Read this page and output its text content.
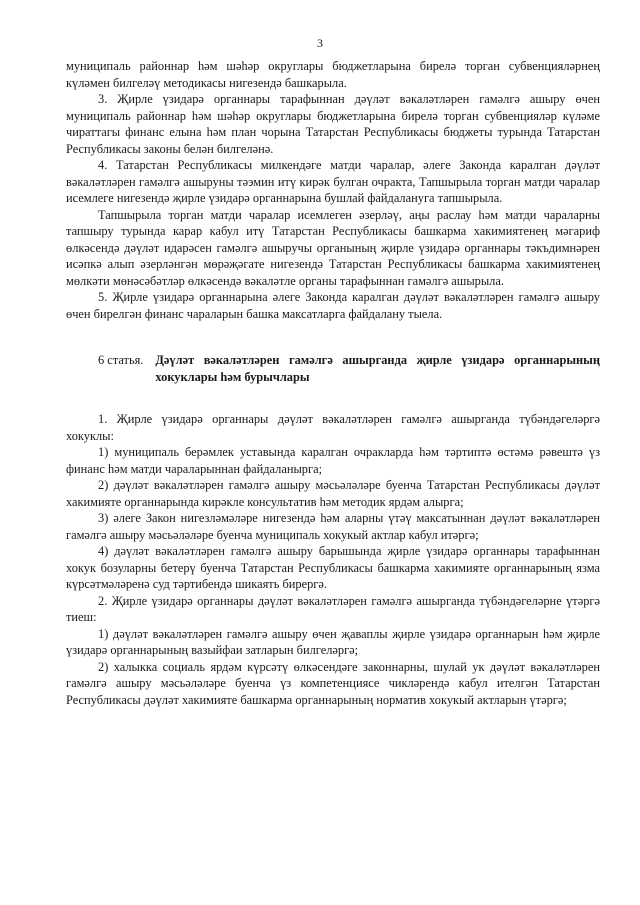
3

муниципаль районнар һәм шәһәр округлары бюджетларына бирелә торган субвенцияләрнең күләмен билгеләү методикасы нигезендә башкарыла.

3. Җирле үзидарә органнары тарафыннан дәүләт вәкаләтләрен гамәлгә ашыру өчен муниципаль районнар һәм шәһәр округлары бюджетларына бирелә торган субвенцияләр күләме чираттагы финанс елына һәм план чорына Татарстан Республикасы бюджеты турында Татарстан Республикасы законы белән билгеләнә.

4. Татарстан Республикасы милкендәге матди чаралар, әлеге Законда каралган дәүләт вәкаләтләрен гамәлгә ашыруны тәэмин итү кирәк булган очракта, Тапшырыла торган матди чаралар исемлеге нигезендә җирле үзидарә органнарына бушлай файдалануга тапшырыла.

Тапшырыла торган матди чаралар исемлеген әзерләү, аңы раслау һәм матди чараларны тапшыру турында карар кабул итү Татарстан Республикасы башкарма хакимиятенең мәгариф өлкәсендә дәүләт идарәсен гамәлгә ашыручы органының җирле үзидарә органнары тәкъдимнәрен исәпкә алып әзерләнгән мөрәҗәгате нигезендә Татарстан Республикасы башкарма хакимиятенең мөлкәти мөнәсәбәтләр өлкәсендә вәкаләтле органы тарафыннан гамәлгә ашырыла.

5. Җирле үзидарә органнарына әлеге Законда каралган дәүләт вәкаләтләрен гамәлгә ашыру өчен бирелгән финанс чараларын башка максатларга файдалану тыела.

6 статья. Дәүләт вәкаләтләрен гамәлгә ашырганда җирле үзидарә органнарының хокуклары һәм бурычлары

1. Җирле үзидарә органнары дәүләт вәкаләтләрен гамәлгә ашырганда түбәндәгеләргә хокуклы:

1) муниципаль берәмлек уставында каралган очракларда һәм тәртиптә өстәмә рәвештә үз финанс һәм матди чараларыннан файдаланырга;

2) дәүләт вәкаләтләрен гамәлгә ашыру мәсьәләләре буенча Татарстан Республикасы дәүләт хакимияте органнарында кирәкле консультатив һәм методик ярдәм алырга;

3) әлеге Закон нигезләмәләре нигезендә һәм аларны үтәү максатыннан дәүләт вәкаләтләрен гамәлгә ашыру мәсьәләләре буенча муниципаль хокукый актлар кабул итәргә;

4) дәүләт вәкаләтләрен гамәлгә ашыру барышында җирле үзидарә органнары тарафыннан хокук бозуларны бетерү буенча Татарстан Республикасы башкарма хакимияте органнарының язма күрсәтмәләренә суд тәртибендә шикаять бирергә.

2. Җирле үзидарә органнары дәүләт вәкаләтләрен гамәлгә ашырганда түбәндәгеләрне үтәргә тиеш:

1) дәүләт вәкаләтләрен гамәлгә ашыру өчен җаваплы җирле үзидарә органнарын һәм җирле үзидарә органнарының вазыйфаи затларын билгеләргә;

2) халыкка социаль ярдәм күрсәтү өлкәсендәге законнарны, шулай ук дәүләт вәкаләтләрен гамәлгә ашыру мәсьәләләре буенча үз компетенциясе чикләрендә кабул ителгән Татарстан Республикасы дәүләт хакимияте башкарма органнарының норматив хокукый актларын үтәргә;
